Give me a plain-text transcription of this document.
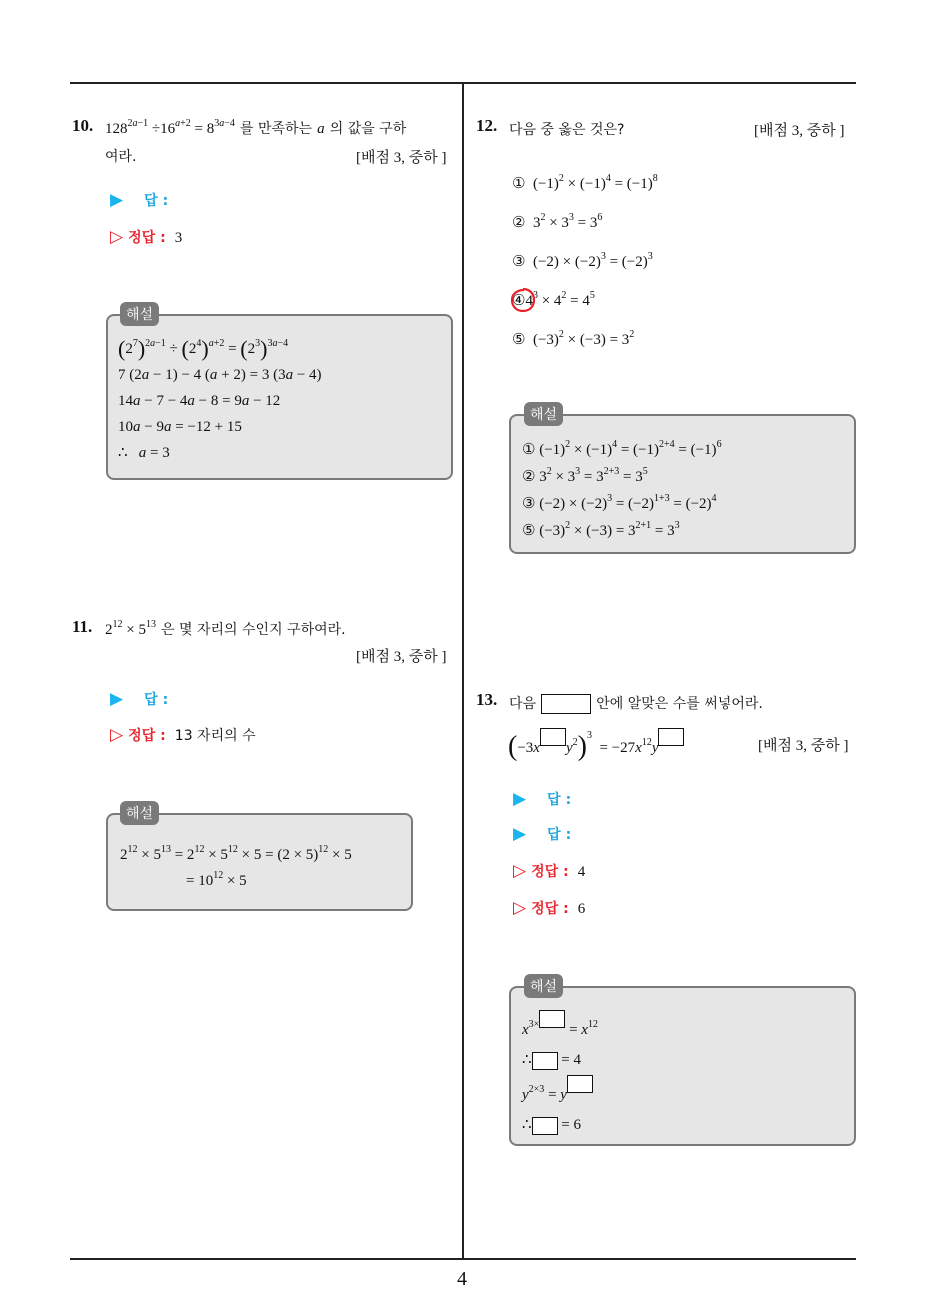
4
10. $128^{2a-1} \div 16^{a+2} = 8^{3a-4}$ 를 만족하는 a 의 값을 구하
여라.	[배점 3, 중하 ]
▶ 답 :
▷ 정답 : 3
해설
$(2^7)^{2a-1} \div (2^4)^{a+2} = (2^3)^{3a-4}$
7 (2a − 1) − 4 (a + 2) = 3 (3a − 4)
14a − 7 − 4a − 8 = 9a − 12
10a − 9a = −12 + 15
∴   a = 3
11. $2^{12} \times 5^{13}$ 은 몇 자리의 수인지 구하여라.
[배점 3, 중하 ]
▶ 답 :
▷ 정답 : 13 자리의 수
해설
$2^{12} \times 5^{13} = 2^{12} \times 5^{12} \times 5 = (2 \times 5)^{12} \times 5$
= $10^{12} \times 5$
12. 다음 중 옳은 것은?	[배점 3, 중하 ]
①  $(-1)^2 \times (-1)^4 = (-1)^8$
②  $3^2 \times 3^3 = 3^6$
③  $(-2) \times (-2)^3 = (-2)^3$
$④4^3 \times 4^2 = 4^5$
⑤  $(-3)^2 \times (-3) = 3^2$
해설
① $(-1)^2 \times (-1)^4 = (-1)^{2+4} = (-1)^6$
② $3^2 \times 3^3 = 3^{2+3} = 3^5$
③ $(-2) \times (-2)^3 = (-2)^{1+3} = (-2)^4$
⑤ $(-3)^2 \times (-3) = 3^{2+1} = 3^3$
13. 다음	안에 알맞은 수를 써넣어라.
(−3x $y^2)^3 = -27x^{12}y$	[배점 3, 중하 ]
▶ 답 :
▶ 답 :
▷ 정답 : 4
▷ 정답 : 6
해설
$x^{3\times} = x^{12}$
∴ = 4
$y^{2\times 3} = y$
∴ = 6
